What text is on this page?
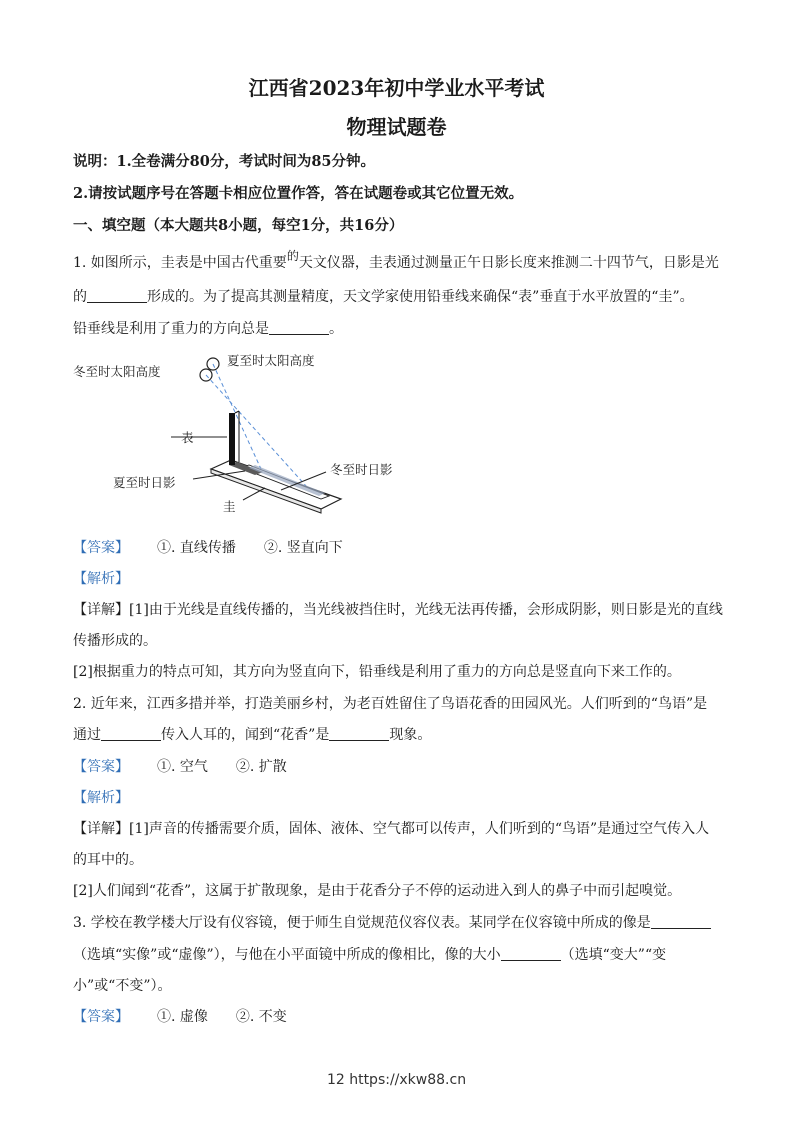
江西省2023年初中学业水平考试
物理试题卷
说明：1.全卷满分80分，考试时间为85分钟。
2.请按试题序号在答题卡相应位置作答，答在试题卷或其它位置无效。
一、填空题（本大题共8小题，每空1分，共16分）
1. 如图所示，圭表是中国古代重要的天文仪器，圭表通过测量正午日影长度来推测二十四节气，日影是光
的	形成的。为了提高其测量精度，天文学家使用铅垂线来确保“表”垂直于水平放置的“圭”。
铅垂线是利用了重力的方向总是	。
冬至时太阳高度
夏至时太阳高度
表
冬至时日影
夏至时日影
圭
【答案】 ①. 直线传播 ②. 竖直向下
【解析】
【详解】[1]由于光线是直线传播的，当光线被挡住时，光线无法再传播，会形成阴影，则日影是光的直线
传播形成的。
[2]根据重力的特点可知，其方向为竖直向下，铅垂线是利用了重力的方向总是竖直向下来工作的。
2. 近年来，江西多措并举，打造美丽乡村，为老百姓留住了鸟语花香的田园风光。人们听到的“鸟语”是
通过	传入人耳的，闻到“花香”是	现象。
【答案】 ①. 空气 ②. 扩散
【解析】
【详解】[1]声音的传播需要介质，固体、液体、空气都可以传声，人们听到的“鸟语”是通过空气传入人
的耳中的。
[2]人们闻到“花香”，这属于扩散现象，是由于花香分子不停的运动进入到人的鼻子中而引起嗅觉。
3. 学校在教学楼大厅设有仪容镜，便于师生自觉规范仪容仪表。某同学在仪容镜中所成的像是
（选填“实像”或“虚像”），与他在小平面镜中所成的像相比，像的大小	（选填“变大”“变
小”或“不变”）。
【答案】 ①. 虚像 ②. 不变
12 https://xkw88.cn
